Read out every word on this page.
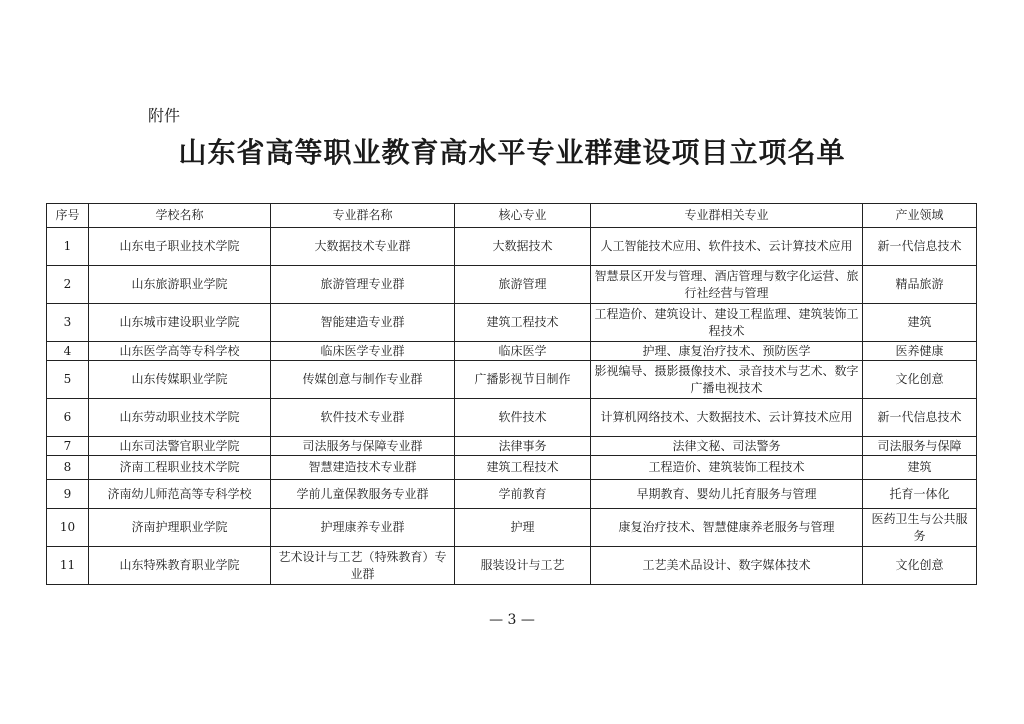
附件
山东省高等职业教育高水平专业群建设项目立项名单
序号	学校名称	专业群名称	核心专业	专业群相关专业	产业领域
1	山东电子职业技术学院	大数据技术专业群	大数据技术	人工智能技术应用、软件技术、云计算技术应用	新一代信息技术
2	山东旅游职业学院	旅游管理专业群	旅游管理	智慧景区开发与管理、酒店管理与数字化运营、旅行社经营与管理	精品旅游
3	山东城市建设职业学院	智能建造专业群	建筑工程技术	工程造价、建筑设计、建设工程监理、建筑装饰工程技术	建筑
4	山东医学高等专科学校	临床医学专业群	临床医学	护理、康复治疗技术、预防医学	医养健康
5	山东传媒职业学院	传媒创意与制作专业群	广播影视节目制作	影视编导、摄影摄像技术、录音技术与艺术、数字广播电视技术	文化创意
6	山东劳动职业技术学院	软件技术专业群	软件技术	计算机网络技术、大数据技术、云计算技术应用	新一代信息技术
7	山东司法警官职业学院	司法服务与保障专业群	法律事务	法律文秘、司法警务	司法服务与保障
8	济南工程职业技术学院	智慧建造技术专业群	建筑工程技术	工程造价、建筑装饰工程技术	建筑
9	济南幼儿师范高等专科学校	学前儿童保教服务专业群	学前教育	早期教育、婴幼儿托育服务与管理	托育一体化
10	济南护理职业学院	护理康养专业群	护理	康复治疗技术、智慧健康养老服务与管理	医药卫生与公共服务
11	山东特殊教育职业学院	艺术设计与工艺（特殊教育）专业群	服装设计与工艺	工艺美术品设计、数字媒体技术	文化创意
— 3 —
